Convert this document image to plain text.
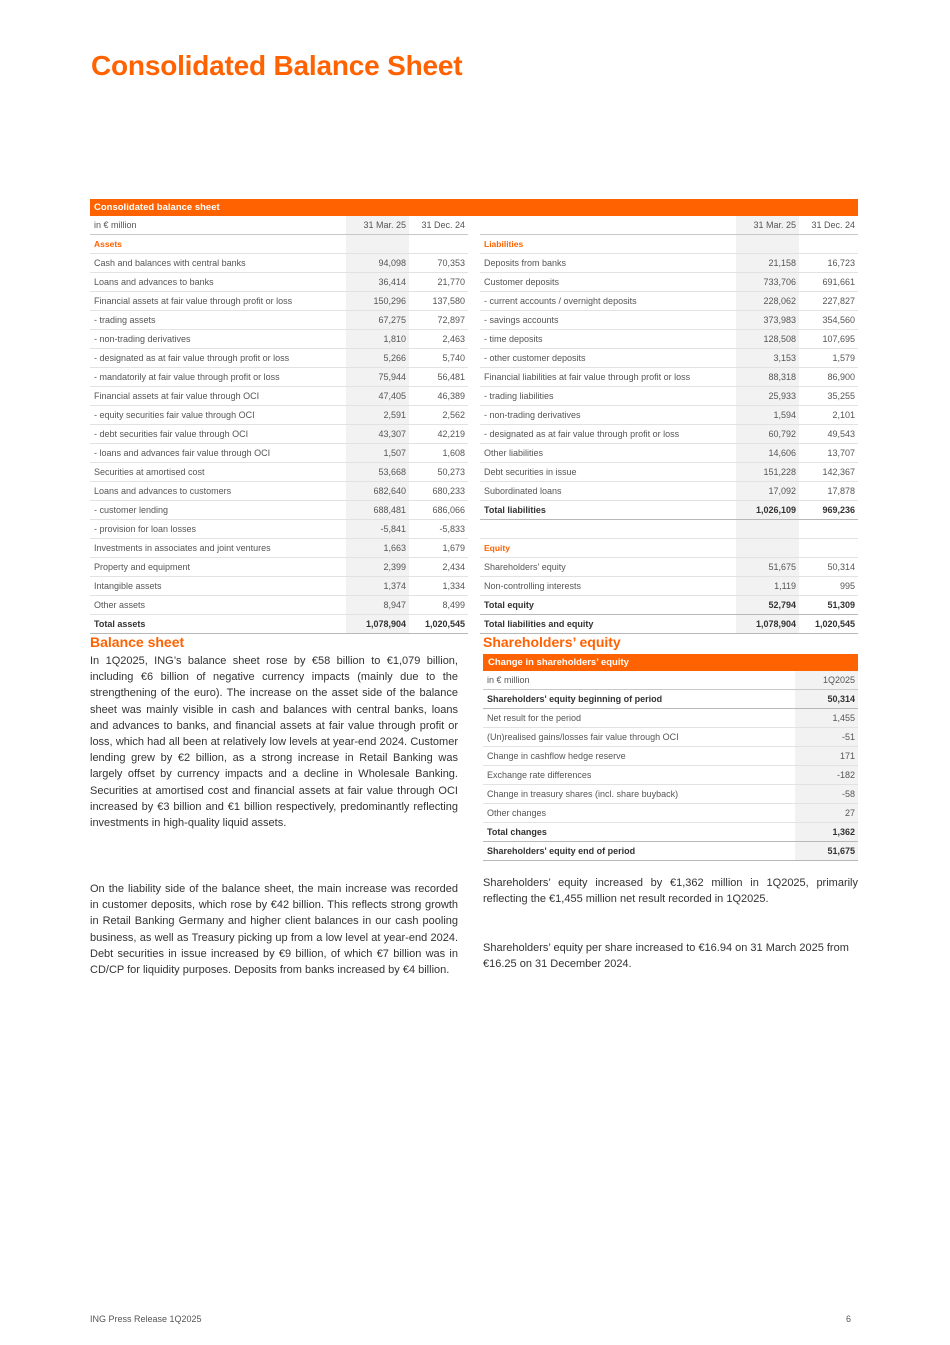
Consolidated Balance Sheet
Consolidated balance sheet
in € million	31 Mar. 25	31 Dec. 24
Assets
Cash and balances with central banks	94,098	70,353
Loans and advances to banks	36,414	21,770
Financial assets at fair value through profit or loss	150,296	137,580
- trading assets	67,275	72,897
- non-trading derivatives	1,810	2,463
- designated as at fair value through profit or loss	5,266	5,740
- mandatorily at fair value through profit or loss	75,944	56,481
Financial assets at fair value through OCI	47,405	46,389
- equity securities fair value through OCI	2,591	2,562
- debt securities fair value through OCI	43,307	42,219
- loans and advances fair value through OCI	1,507	1,608
Securities at amortised cost	53,668	50,273
Loans and advances to customers	682,640	680,233
- customer lending	688,481	686,066
- provision for loan losses	-5,841	-5,833
Investments in associates and joint ventures	1,663	1,679
Property and equipment	2,399	2,434
Intangible assets	1,374	1,334
Other assets	8,947	8,499
Total assets	1,078,904	1,020,545
31 Mar. 25	31 Dec. 24
Liabilities
Deposits from banks	21,158	16,723
Customer deposits	733,706	691,661
- current accounts / overnight deposits	228,062	227,827
- savings accounts	373,983	354,560
- time deposits	128,508	107,695
- other customer deposits	3,153	1,579
Financial liabilities at fair value through profit or loss	88,318	86,900
- trading liabilities	25,933	35,255
- non-trading derivatives	1,594	2,101
- designated as at fair value through profit or loss	60,792	49,543
Other liabilities	14,606	13,707
Debt securities in issue	151,228	142,367
Subordinated loans	17,092	17,878
Total liabilities	1,026,109	969,236
Equity
Shareholders' equity	51,675	50,314
Non-controlling interests	1,119	995
Total equity	52,794	51,309
Total liabilities and equity	1,078,904	1,020,545
Balance sheet

In 1Q2025, ING’s balance sheet rose by €58 billion to €1,079 billion, including €6 billion of negative currency impacts (mainly due to the strengthening of the euro). The increase on the asset side of the balance sheet was mainly visible in cash and balances with central banks, loans and advances to banks, and financial assets at fair value through profit or loss, which had all been at relatively low levels at year-end 2024. Customer lending grew by €2 billion, as a strong increase in Retail Banking was largely offset by currency impacts and a decline in Wholesale Banking. Securities at amortised cost and financial assets at fair value through OCI increased by €3 billion and €1 billion respectively, predominantly reflecting investments in high-quality liquid assets.

On the liability side of the balance sheet, the main increase was recorded in customer deposits, which rose by €42 billion. This reflects strong growth in Retail Banking Germany and higher client balances in our cash pooling business, as well as Treasury picking up from a low level at year-end 2024. Debt securities in issue increased by €9 billion, of which €7 billion was in CD/CP for liquidity purposes. Deposits from banks increased by €4 billion.

Shareholders’ equity
Change in shareholders’ equity
in € million	1Q2025
Shareholders' equity beginning of period	50,314
Net result for the period	1,455
(Un)realised gains/losses fair value through OCI	-51
Change in cashflow hedge reserve	171
Exchange rate differences	-182
Change in treasury shares (incl. share buyback)	-58
Other changes	27
Total changes	1,362
Shareholders' equity end of period	51,675

Shareholders’ equity increased by €1,362 million in 1Q2025, primarily reflecting the €1,455 million net result recorded in 1Q2025.

Shareholders’ equity per share increased to €16.94 on 31 March 2025 from €16.25 on 31 December 2024.

ING Press Release 1Q2025	6
